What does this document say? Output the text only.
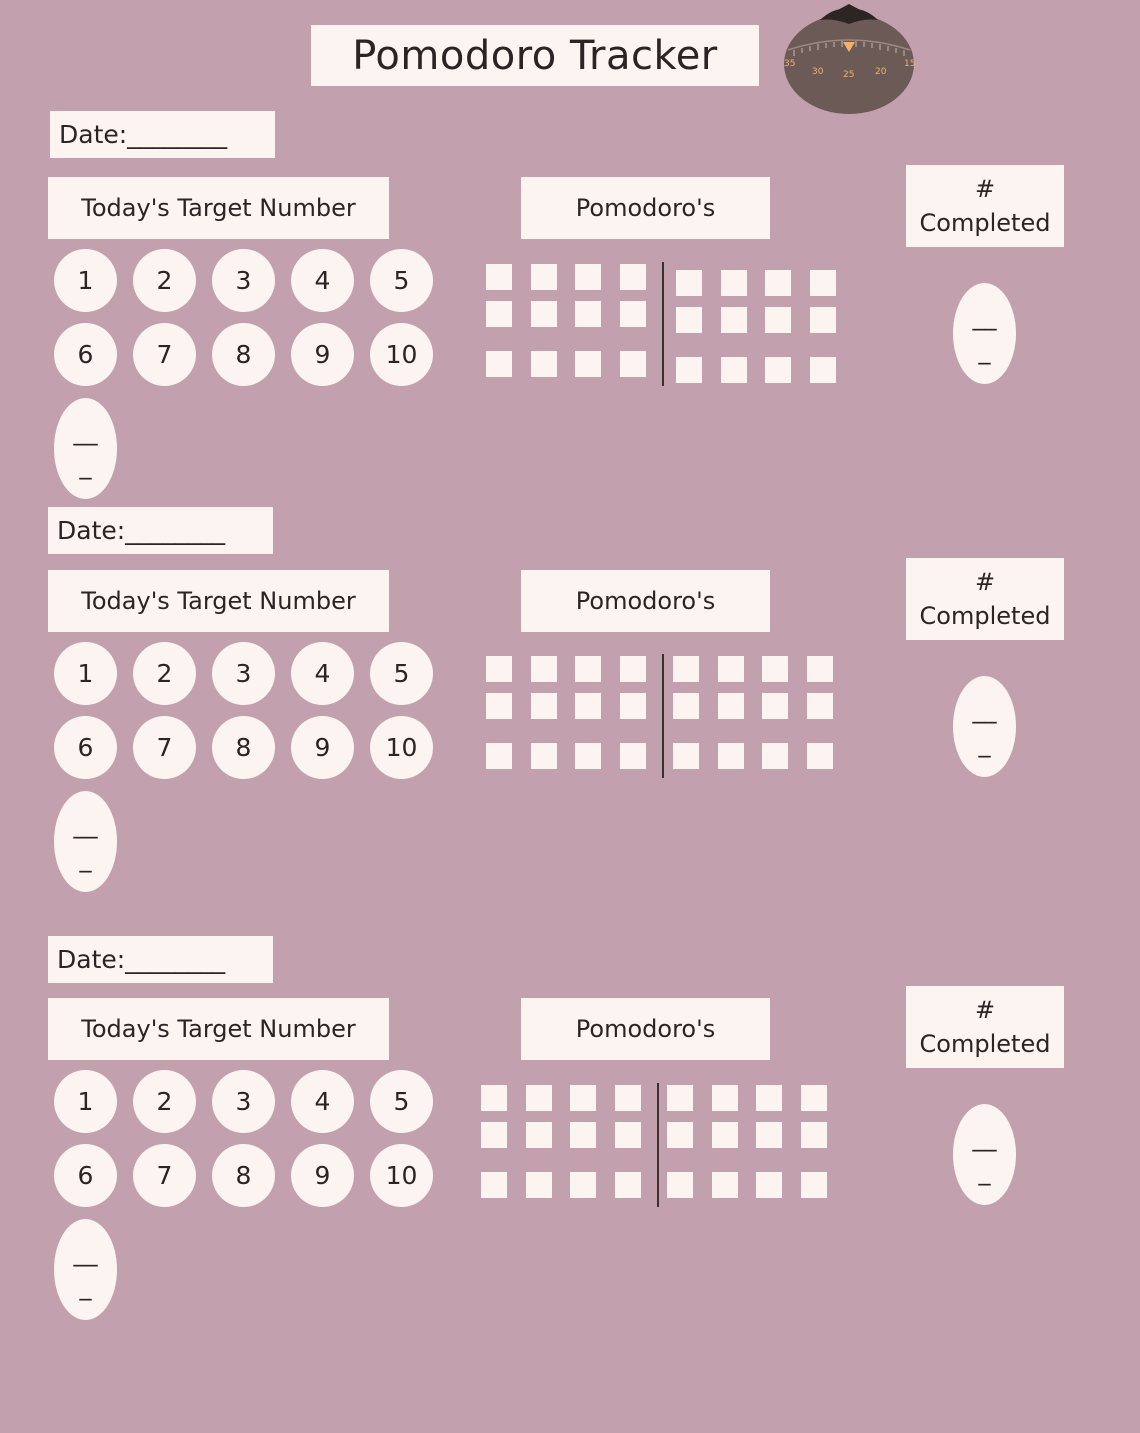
Pomodoro Tracker	35
30 25 20
15
Date:________
Today's Target Number	Pomodoro's
#
Completed
1	2	3	4	5
6	7	8	9	10
__
_
__
_
Date:________
Today's Target Number	Pomodoro's
#
Completed
1	2	3	4	5
6	7	8	9	10
__
_
__
_
Date:________
Today's Target Number	Pomodoro's
#
Completed
1	2	3	4	5
6	7	8	9	10
__
_
__
_
